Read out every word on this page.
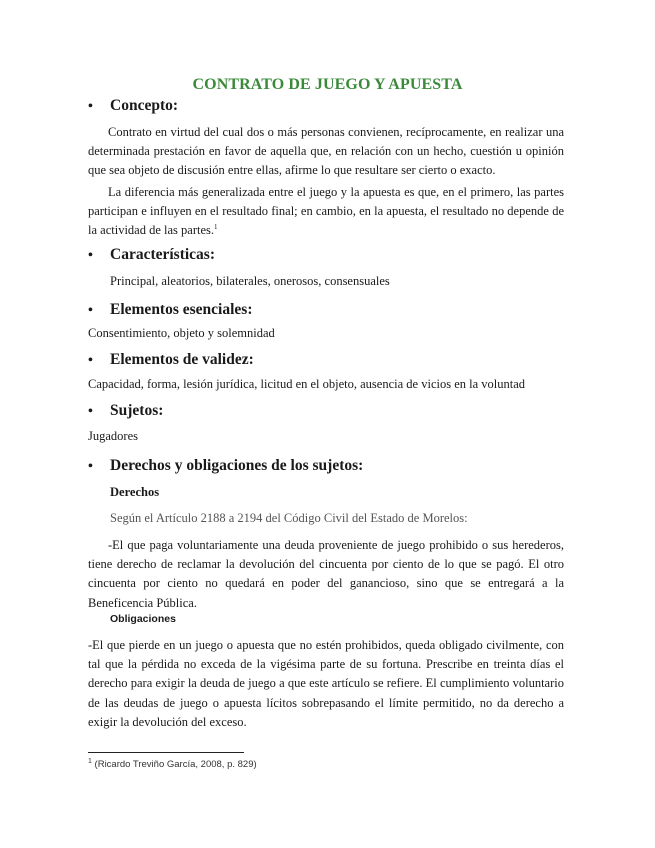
CONTRATO DE JUEGO Y APUESTA
• Concepto:
Contrato en virtud del cual dos o más personas convienen, recíprocamente, en realizar una determinada prestación en favor de aquella que, en relación con un hecho, cuestión u opinión que sea objeto de discusión entre ellas, afirme lo que resultare ser cierto o exacto.
La diferencia más generalizada entre el juego y la apuesta es que, en el primero, las partes participan e influyen en el resultado final; en cambio, en la apuesta, el resultado no depende de la actividad de las partes.$^1$
• Características:
Principal, aleatorios, bilaterales, onerosos, consensuales
• Elementos esenciales:
Consentimiento, objeto y solemnidad
• Elementos de validez:
Capacidad, forma, lesión jurídica, licitud en el objeto, ausencia de vicios en la voluntad
• Sujetos:
Jugadores
• Derechos y obligaciones de los sujetos:
Derechos
Según el Artículo 2188 a 2194 del Código Civil del Estado de Morelos:
-El que paga voluntariamente una deuda proveniente de juego prohibido o sus herederos, tiene derecho de reclamar la devolución del cincuenta por ciento de lo que se pagó. El otro cincuenta por ciento no quedará en poder del ganancioso, sino que se entregará a la Beneficencia Pública.
Obligaciones
-El que pierde en un juego o apuesta que no estén prohibidos, queda obligado civilmente, con tal que la pérdida no exceda de la vigésima parte de su fortuna. Prescribe en treinta días el derecho para exigir la deuda de juego a que este artículo se refiere. El cumplimiento voluntario de las deudas de juego o apuesta lícitos sobrepasando el límite permitido, no da derecho a exigir la devolución del exceso.
$^1$ (Ricardo Treviño García, 2008, p. 829)
